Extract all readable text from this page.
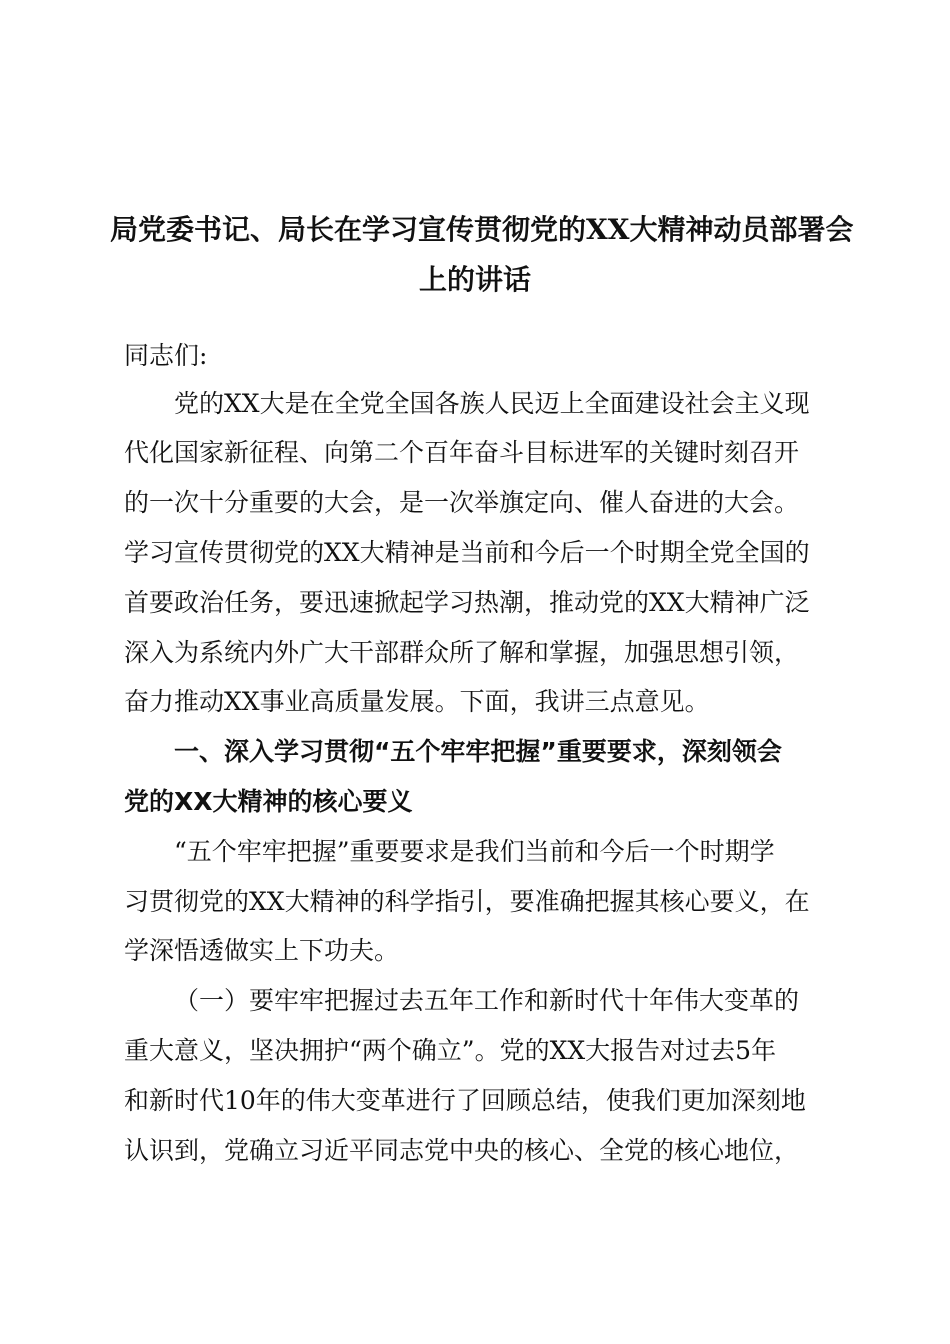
局党委书记、局长在学习宣传贯彻党的XX大精神动员部署会
上的讲话
同志们:
党的XX大是在全党全国各族人民迈上全面建设社会主义现
代化国家新征程、向第二个百年奋斗目标进军的关键时刻召开
的一次十分重要的大会，是一次举旗定向、催人奋进的大会。
学习宣传贯彻党的XX大精神是当前和今后一个时期全党全国的
首要政治任务，要迅速掀起学习热潮，推动党的XX大精神广泛
深入为系统内外广大干部群众所了解和掌握，加强思想引领，
奋力推动XX事业高质量发展。下面，我讲三点意见。
一、深入学习贯彻“五个牢牢把握”重要要求，深刻领会
党的XX大精神的核心要义
“五个牢牢把握”重要要求是我们当前和今后一个时期学
习贯彻党的XX大精神的科学指引，要准确把握其核心要义，在
学深悟透做实上下功夫。
（一）要牢牢把握过去五年工作和新时代十年伟大变革的
重大意义，坚决拥护“两个确立”。党的XX大报告对过去5年
和新时代10年的伟大变革进行了回顾总结，使我们更加深刻地
认识到，党确立习近平同志党中央的核心、全党的核心地位，
